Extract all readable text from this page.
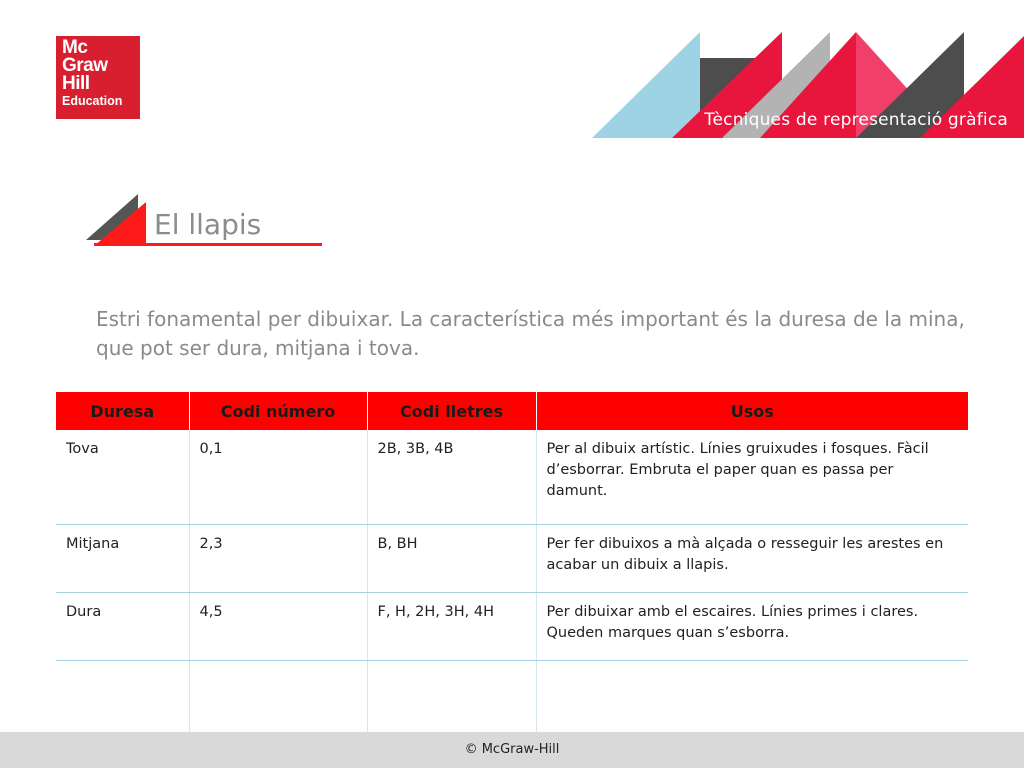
Mc
Graw
Hill
Education
Tècniques de representació gràfica
El llapis
Estri fonamental per dibuixar. La característica més important és la duresa de la mina, que pot ser dura, mitjana i tova.
Duresa	Codi número	Codi lletres	Usos
Tova	0,1	2B, 3B, 4B	Per al dibuix artístic. Línies gruixudes i fosques. Fàcil d’esborrar. Embruta el paper quan es passa per damunt.
Mitjana	2,3	B, BH	Per fer dibuixos a mà alçada o resseguir les arestes en acabar un dibuix a llapis.
Dura	4,5	F, H, 2H, 3H, 4H	Per dibuixar amb el escaires. Línies primes i clares. Queden marques quan s’esborra.

© McGraw-Hill
